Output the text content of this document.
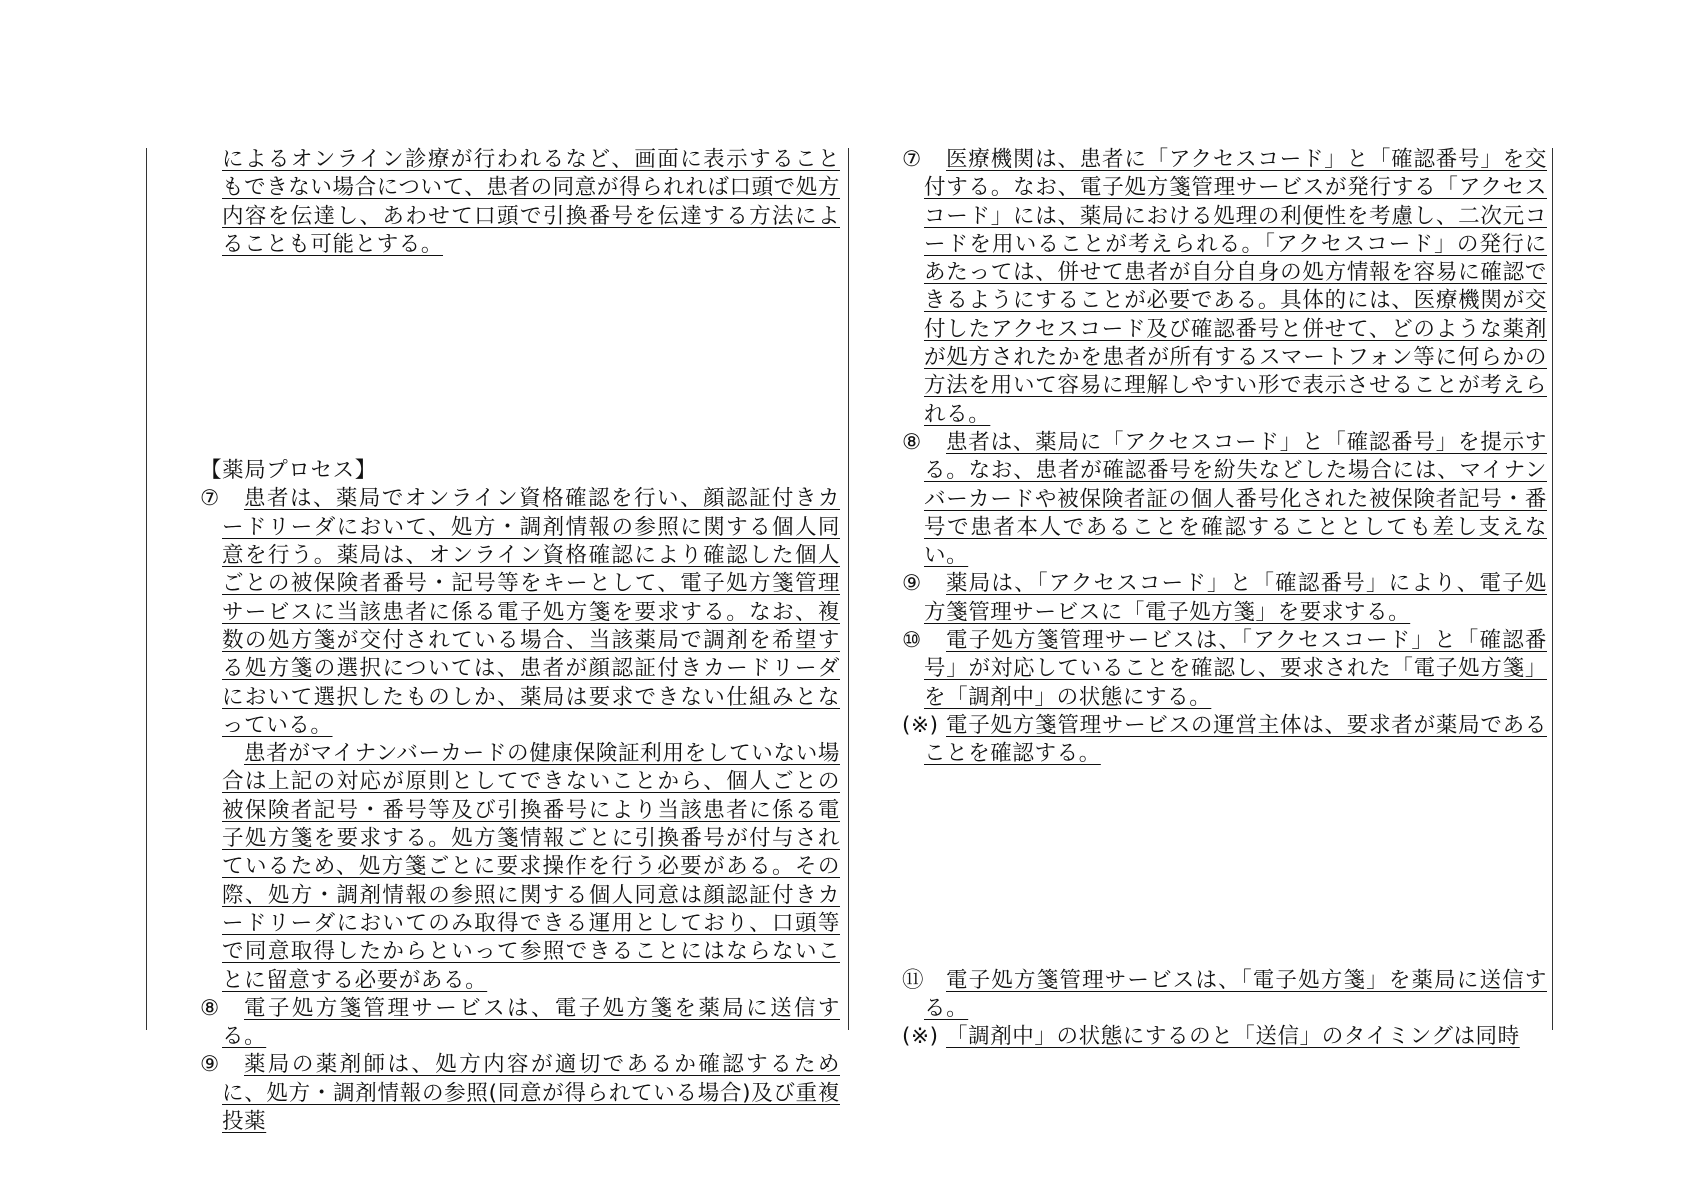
によるオンライン診療が行われるなど、画面に表示することもできない場合について、患者の同意が得られれば口頭で処方内容を伝達し、あわせて口頭で引換番号を伝達する方法によることも可能とする。
【薬局プロセス】
⑦	患者は、薬局でオンライン資格確認を行い、顔認証付きカードリーダにおいて、処方・調剤情報の参照に関する個人同意を行う。薬局は、オンライン資格確認により確認した個人ごとの被保険者番号・記号等をキーとして、電子処方箋管理サービスに当該患者に係る電子処方箋を要求する。なお、複数の処方箋が交付されている場合、当該薬局で調剤を希望する処方箋の選択については、患者が顔認証付きカードリーダにおいて選択したものしか、薬局は要求できない仕組みとなっている。
患者がマイナンバーカードの健康保険証利用をしていない場合は上記の対応が原則としてできないことから、個人ごとの被保険者記号・番号等及び引換番号により当該患者に係る電子処方箋を要求する。処方箋情報ごとに引換番号が付与されているため、処方箋ごとに要求操作を行う必要がある。その際、処方・調剤情報の参照に関する個人同意は顔認証付きカードリーダにおいてのみ取得できる運用としており、口頭等で同意取得したからといって参照できることにはならないことに留意する必要がある。
⑧	電子処方箋管理サービスは、電子処方箋を薬局に送信する。
⑨	薬局の薬剤師は、処方内容が適切であるか確認するために、処方・調剤情報の参照(同意が得られている場合)及び重複投薬
⑦	医療機関は、患者に「アクセスコード」と「確認番号」を交付する。なお、電子処方箋管理サービスが発行する「アクセスコード」には、薬局における処理の利便性を考慮し、二次元コードを用いることが考えられる。「アクセスコード」の発行にあたっては、併せて患者が自分自身の処方情報を容易に確認できるようにすることが必要である。具体的には、医療機関が交付したアクセスコード及び確認番号と併せて、どのような薬剤が処方されたかを患者が所有するスマートフォン等に何らかの方法を用いて容易に理解しやすい形で表示させることが考えられる。
⑧	患者は、薬局に「アクセスコード」と「確認番号」を提示する。なお、患者が確認番号を紛失などした場合には、マイナンバーカードや被保険者証の個人番号化された被保険者記号・番号で患者本人であることを確認することとしても差し支えない。
⑨	薬局は、「アクセスコード」と「確認番号」により、電子処方箋管理サービスに「電子処方箋」を要求する。
⑩	電子処方箋管理サービスは、「アクセスコード」と「確認番号」が対応していることを確認し、要求された「電子処方箋」を「調剤中」の状態にする。
(※) 電子処方箋管理サービスの運営主体は、要求者が薬局であることを確認する。
⑪	電子処方箋管理サービスは、「電子処方箋」を薬局に送信する。
(※) 「調剤中」の状態にするのと「送信」のタイミングは同時
